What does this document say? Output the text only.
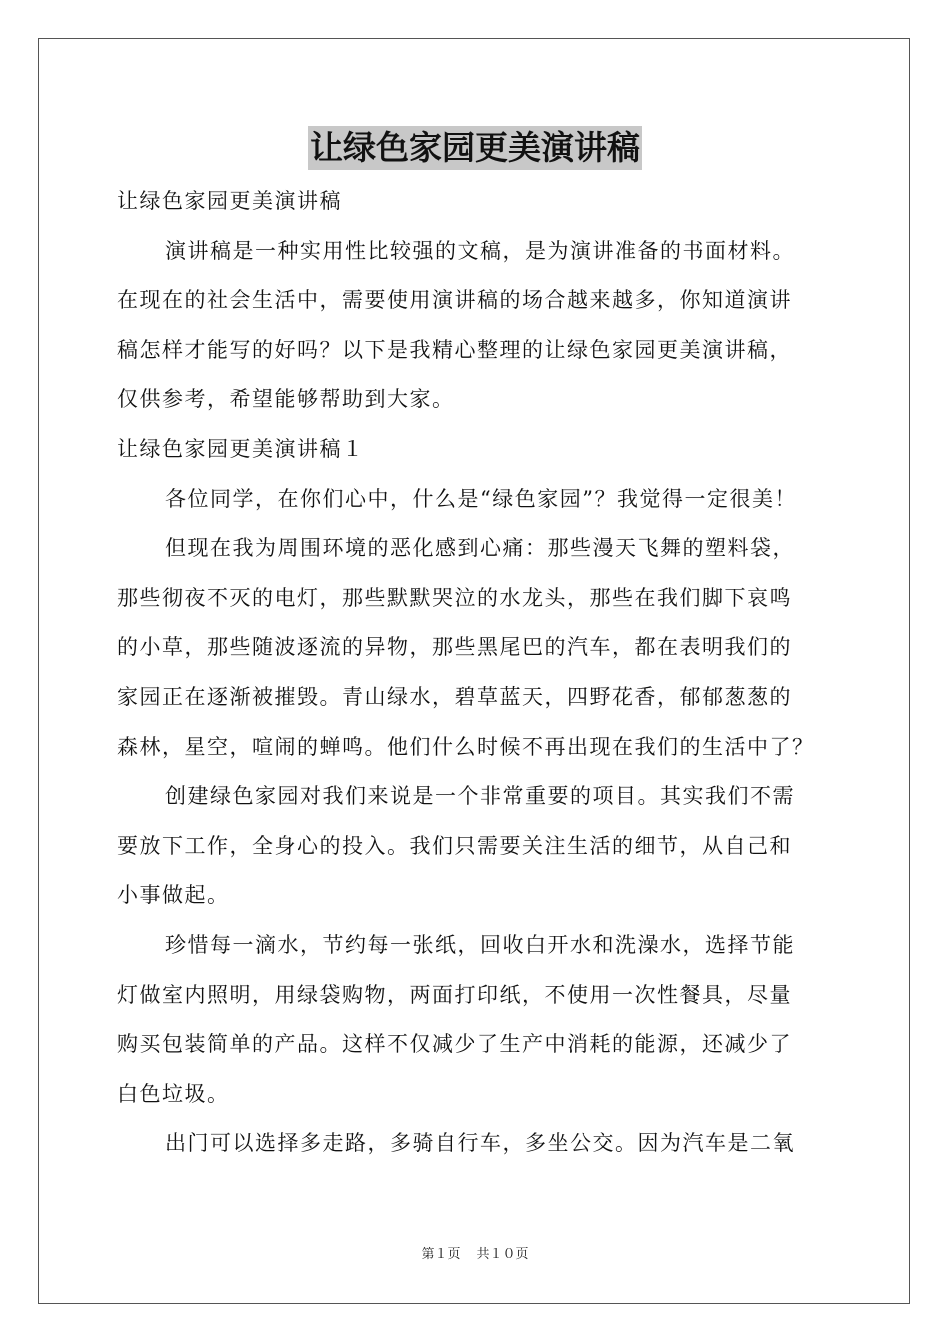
让绿色家园更美演讲稿
让绿色家园更美演讲稿
演讲稿是一种实用性比较强的文稿，是为演讲准备的书面材料。
在现在的社会生活中，需要使用演讲稿的场合越来越多，你知道演讲
稿怎样才能写的好吗？以下是我精心整理的让绿色家园更美演讲稿，
仅供参考，希望能够帮助到大家。
让绿色家园更美演讲稿１
各位同学，在你们心中，什么是“绿色家园”？我觉得一定很美！
但现在我为周围环境的恶化感到心痛：那些漫天飞舞的塑料袋，
那些彻夜不灭的电灯，那些默默哭泣的水龙头，那些在我们脚下哀鸣
的小草，那些随波逐流的异物，那些黑尾巴的汽车，都在表明我们的
家园正在逐渐被摧毁。青山绿水，碧草蓝天，四野花香，郁郁葱葱的
森林，星空，喧闹的蝉鸣。他们什么时候不再出现在我们的生活中了？
创建绿色家园对我们来说是一个非常重要的项目。其实我们不需
要放下工作，全身心的投入。我们只需要关注生活的细节，从自己和
小事做起。
珍惜每一滴水，节约每一张纸，回收白开水和洗澡水，选择节能
灯做室内照明，用绿袋购物，两面打印纸，不使用一次性餐具，尽量
购买包装简单的产品。这样不仅减少了生产中消耗的能源，还减少了
白色垃圾。
出门可以选择多走路，多骑自行车，多坐公交。因为汽车是二氧
第１页 共１０页
